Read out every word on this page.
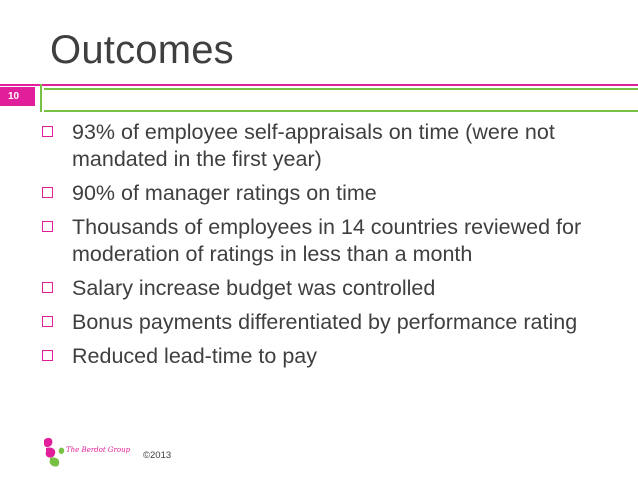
Outcomes
10
93% of employee self-appraisals on time (were not mandated in the first year)
90% of manager ratings on time
Thousands of employees in 14 countries reviewed for moderation of ratings in less than a month
Salary increase budget was controlled
Bonus payments differentiated by performance rating
Reduced lead-time to pay
The Berdot Group ©2013
